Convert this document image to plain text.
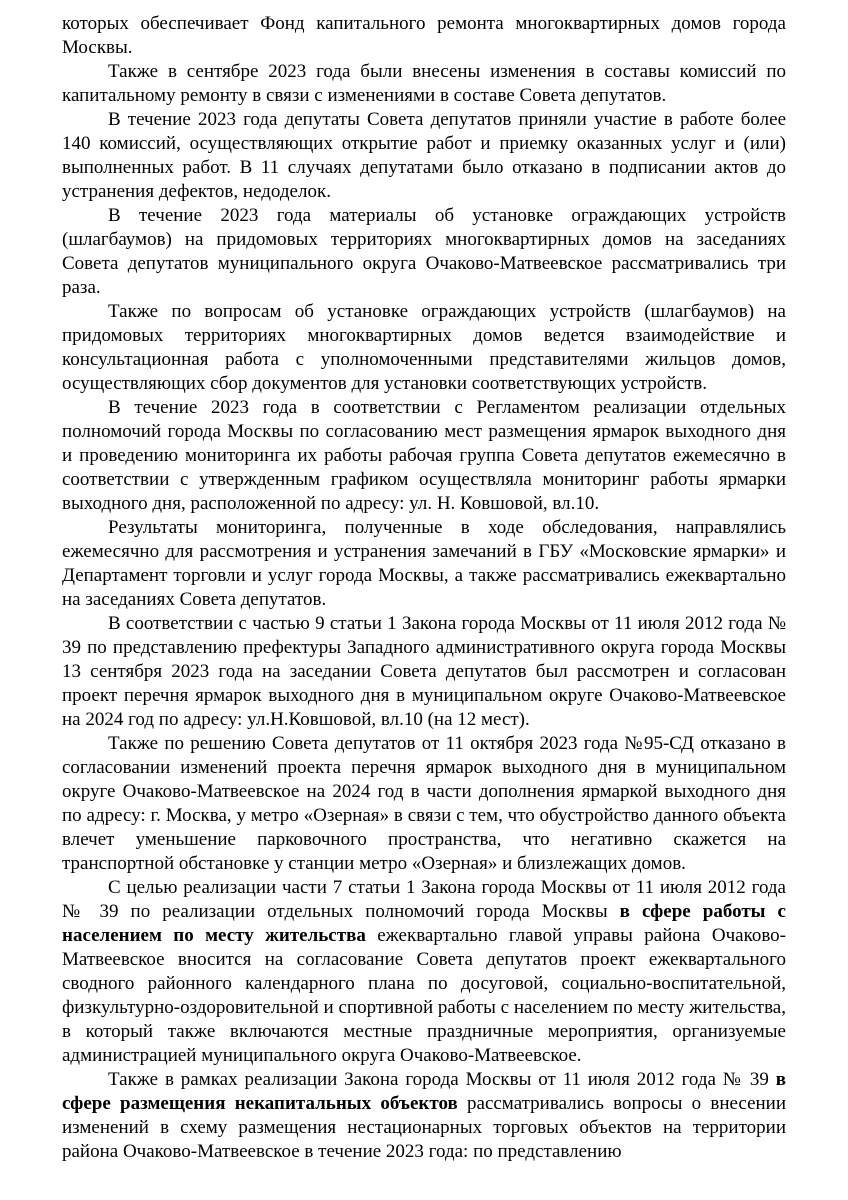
которых обеспечивает Фонд капитального ремонта многоквартирных домов города Москвы.

Также в сентябре 2023 года были внесены изменения в составы комиссий по капитальному ремонту в связи с изменениями в составе Совета депутатов.

В течение 2023 года депутаты Совета депутатов приняли участие в работе более 140 комиссий, осуществляющих открытие работ и приемку оказанных услуг и (или) выполненных работ. В 11 случаях депутатами было отказано в подписании актов до устранения дефектов, недоделок.

В течение 2023 года материалы об установке ограждающих устройств (шлагбаумов) на придомовых территориях многоквартирных домов на заседаниях Совета депутатов муниципального округа Очаково-Матвеевское рассматривались три раза.

Также по вопросам об установке ограждающих устройств (шлагбаумов) на придомовых территориях многоквартирных домов ведется взаимодействие и консультационная работа с уполномоченными представителями жильцов домов, осуществляющих сбор документов для установки соответствующих устройств.

В течение 2023 года в соответствии с Регламентом реализации отдельных полномочий города Москвы по согласованию мест размещения ярмарок выходного дня и проведению мониторинга их работы рабочая группа Совета депутатов ежемесячно в соответствии с утвержденным графиком осуществляла мониторинг работы ярмарки выходного дня, расположенной по адресу: ул. Н. Ковшовой, вл.10.

Результаты мониторинга, полученные в ходе обследования, направлялись ежемесячно для рассмотрения и устранения замечаний в ГБУ «Московские ярмарки» и Департамент торговли и услуг города Москвы, а также рассматривались ежеквартально на заседаниях Совета депутатов.

В соответствии с частью 9 статьи 1 Закона города Москвы от 11 июля 2012 года № 39 по представлению префектуры Западного административного округа города Москвы 13 сентября 2023 года на заседании Совета депутатов был рассмотрен и согласован проект перечня ярмарок выходного дня в муниципальном округе Очаково-Матвеевское на 2024 год по адресу: ул.Н.Ковшовой, вл.10 (на 12 мест).

Также по решению Совета депутатов от 11 октября 2023 года №95-СД отказано в согласовании изменений проекта перечня ярмарок выходного дня в муниципальном округе Очаково-Матвеевское на 2024 год в части дополнения ярмаркой выходного дня по адресу: г. Москва, у метро «Озерная» в связи с тем, что обустройство данного объекта влечет уменьшение парковочного пространства, что негативно скажется на транспортной обстановке у станции метро «Озерная» и близлежащих домов.

С целью реализации части 7 статьи 1 Закона города Москвы от 11 июля 2012 года № 39 по реализации отдельных полномочий города Москвы в сфере работы с населением по месту жительства ежеквартально главой управы района Очаково-Матвеевское вносится на согласование Совета депутатов проект ежеквартального сводного районного календарного плана по досуговой, социально-воспитательной, физкультурно-оздоровительной и спортивной работы с населением по месту жительства, в который также включаются местные праздничные мероприятия, организуемые администрацией муниципального округа Очаково-Матвеевское.

Также в рамках реализации Закона города Москвы от 11 июля 2012 года № 39 в сфере размещения некапитальных объектов рассматривались вопросы о внесении изменений в схему размещения нестационарных торговых объектов на территории района Очаково-Матвеевское в течение 2023 года: по представлению
